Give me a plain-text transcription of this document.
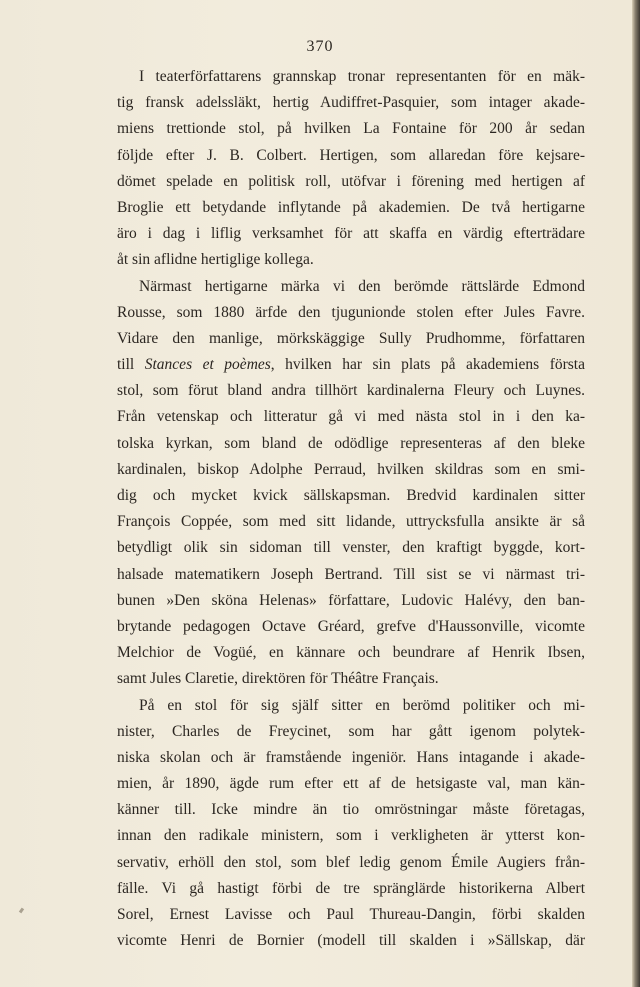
370
I teaterförfattarens grannskap tronar representanten för en mäk-
tig fransk adelssläkt, hertig Audiffret-Pasquier, som intager akade-
miens trettionde stol, på hvilken La Fontaine för 200 år sedan
följde efter J. B. Colbert. Hertigen, som allaredan före kejsare-
dömet spelade en politisk roll, utöfvar i förening med hertigen af
Broglie ett betydande inflytande på akademien. De två hertigarne
äro i dag i liflig verksamhet för att skaffa en värdig efterträdare
åt sin aflidne hertiglige kollega.
Närmast hertigarne märka vi den berömde rättslärde Edmond
Rousse, som 1880 ärfde den tjugunionde stolen efter Jules Favre.
Vidare den manlige, mörkskäggige Sully Prudhomme, författaren
till Stances et poèmes, hvilken har sin plats på akademiens första
stol, som förut bland andra tillhört kardinalerna Fleury och Luynes.
Från vetenskap och litteratur gå vi med nästa stol in i den ka-
tolska kyrkan, som bland de odödlige representeras af den bleke
kardinalen, biskop Adolphe Perraud, hvilken skildras som en smi-
dig och mycket kvick sällskapsman. Bredvid kardinalen sitter
François Coppée, som med sitt lidande, uttrycksfulla ansikte är så
betydligt olik sin sidoman till venster, den kraftigt byggde, kort-
halsade matematikern Joseph Bertrand. Till sist se vi närmast tri-
bunen »Den sköna Helenas» författare, Ludovic Halévy, den ban-
brytande pedagogen Octave Gréard, grefve d'Haussonville, vicomte
Melchior de Vogüé, en kännare och beundrare af Henrik Ibsen,
samt Jules Claretie, direktören för Théâtre Français.
På en stol för sig själf sitter en berömd politiker och mi-
nister, Charles de Freycinet, som har gått igenom polytek-
niska skolan och är framstående ingeniör. Hans intagande i akade-
mien, år 1890, ägde rum efter ett af de hetsigaste val, man kän-
känner till. Icke mindre än tio omröstningar måste företagas,
innan den radikale ministern, som i verkligheten är ytterst kon-
servativ, erhöll den stol, som blef ledig genom Émile Augiers från-
fälle. Vi gå hastigt förbi de tre spränglärde historikerna Albert
Sorel, Ernest Lavisse och Paul Thureau-Dangin, förbi skalden
vicomte Henri de Bornier (modell till skalden i »Sällskap, där
